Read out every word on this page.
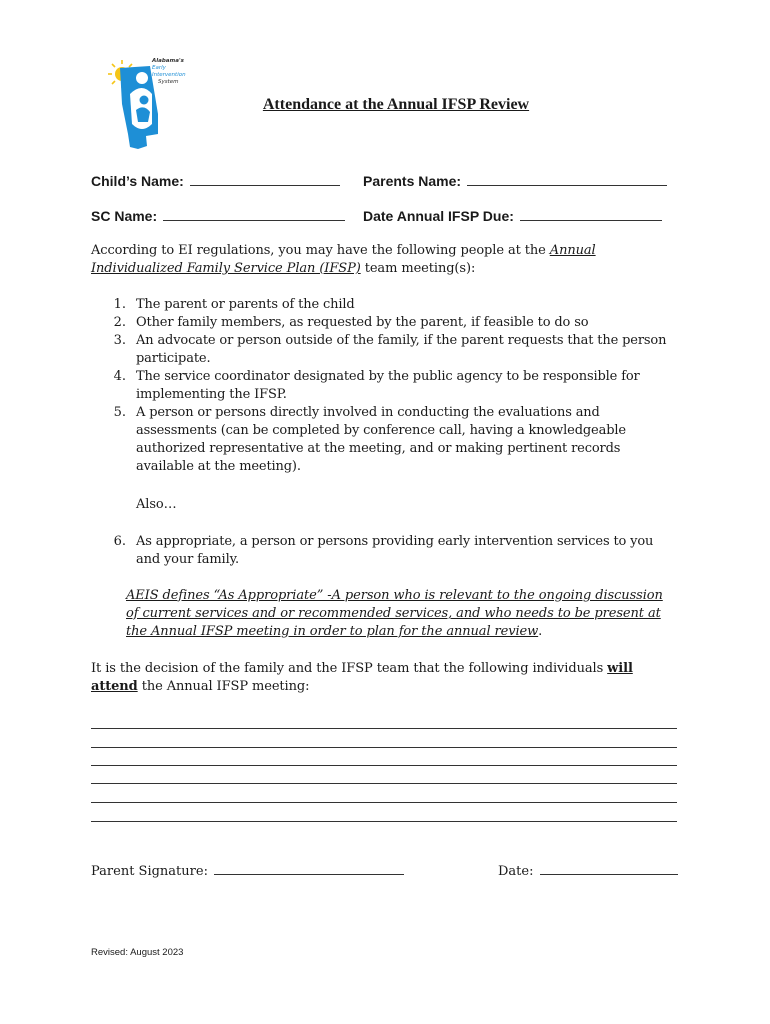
Alabama's
Early
Intervention
System
Attendance at the Annual IFSP Review
Child’s Name:	Parents Name:
SC Name:	Date Annual IFSP Due:
According to EI regulations, you may have the following people at the Annual Individualized Family Service Plan (IFSP) team meeting(s):
1. The parent or parents of the child
2. Other family members, as requested by the parent, if feasible to do so
3. An advocate or person outside of the family, if the parent requests that the person participate.
4. The service coordinator designated by the public agency to be responsible for implementing the IFSP.
5. A person or persons directly involved in conducting the evaluations and assessments (can be completed by conference call, having a knowledgeable authorized representative at the meeting, and or making pertinent records available at the meeting).
Also…
6. As appropriate, a person or persons providing early intervention services to you and your family.
AEIS defines “As Appropriate” -A person who is relevant to the ongoing discussion of current services and or recommended services, and who needs to be present at the Annual IFSP meeting in order to plan for the annual review.
It is the decision of the family and the IFSP team that the following individuals will attend the Annual IFSP meeting:
Parent Signature:	Date:
Revised: August 2023
